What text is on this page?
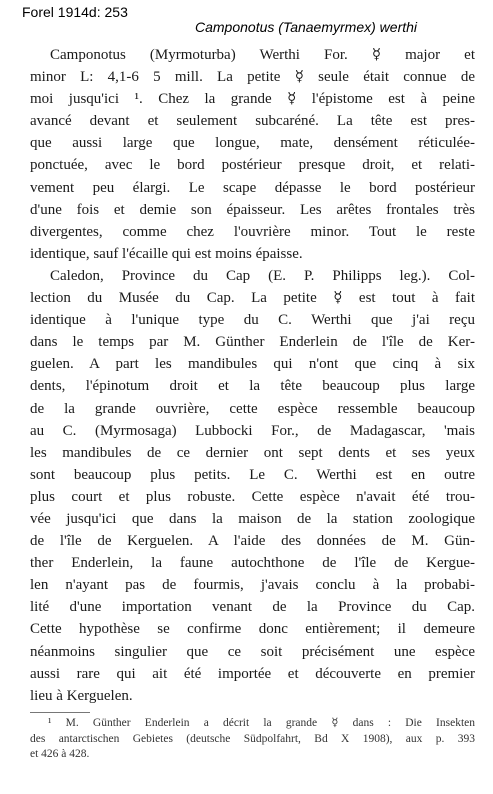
Forel 1914d: 253
Camponotus (Tanaemyrmex) werthi
Camponotus (Myrmoturba) Werthi For. ☿ major et
minor L: 4,1-6 5 mill. La petite ☿ seule était connue de
moi jusqu'ici ¹. Chez la grande ☿ l'épistome est à peine
avancé devant et seulement subcaréné. La tête est pres-
que aussi large que longue, mate, densément réticulée-
ponctuée, avec le bord postérieur presque droit, et relati-
vement peu élargi. Le scape dépasse le bord postérieur
d'une fois et demie son épaisseur. Les arêtes frontales très
divergentes, comme chez l'ouvrière minor. Tout le reste
identique, sauf l'écaille qui est moins épaisse.
Caledon, Province du Cap (E. P. Philipps leg.). Col-
lection du Musée du Cap. La petite ☿ est tout à fait
identique à l'unique type du C. Werthi que j'ai reçu
dans le temps par M. Günther Enderlein de l'île de Ker-
guelen. A part les mandibules qui n'ont que cinq à six
dents, l'épinotum droit et la tête beaucoup plus large
de la grande ouvrière, cette espèce ressemble beaucoup
au C. (Myrmosaga) Lubbocki For., de Madagascar, 'mais
les mandibules de ce dernier ont sept dents et ses yeux
sont beaucoup plus petits. Le C. Werthi est en outre
plus court et plus robuste. Cette espèce n'avait été trou-
vée jusqu'ici que dans la maison de la station zoologique
de l'île de Kerguelen. A l'aide des données de M. Gün-
ther Enderlein, la faune autochthone de l'île de Kergue-
len n'ayant pas de fourmis, j'avais conclu à la probabi-
lité d'une importation venant de la Province du Cap.
Cette hypothèse se confirme donc entièrement; il demeure
néanmoins singulier que ce soit précisément une espèce
aussi rare qui ait été importée et découverte en premier
lieu à Kerguelen.
¹ M. Günther Enderlein a décrit la grande ☿ dans : Die Insekten
des antarctischen Gebietes (deutsche Südpolfahrt, Bd X 1908), aux p. 393
et 426 à 428.
